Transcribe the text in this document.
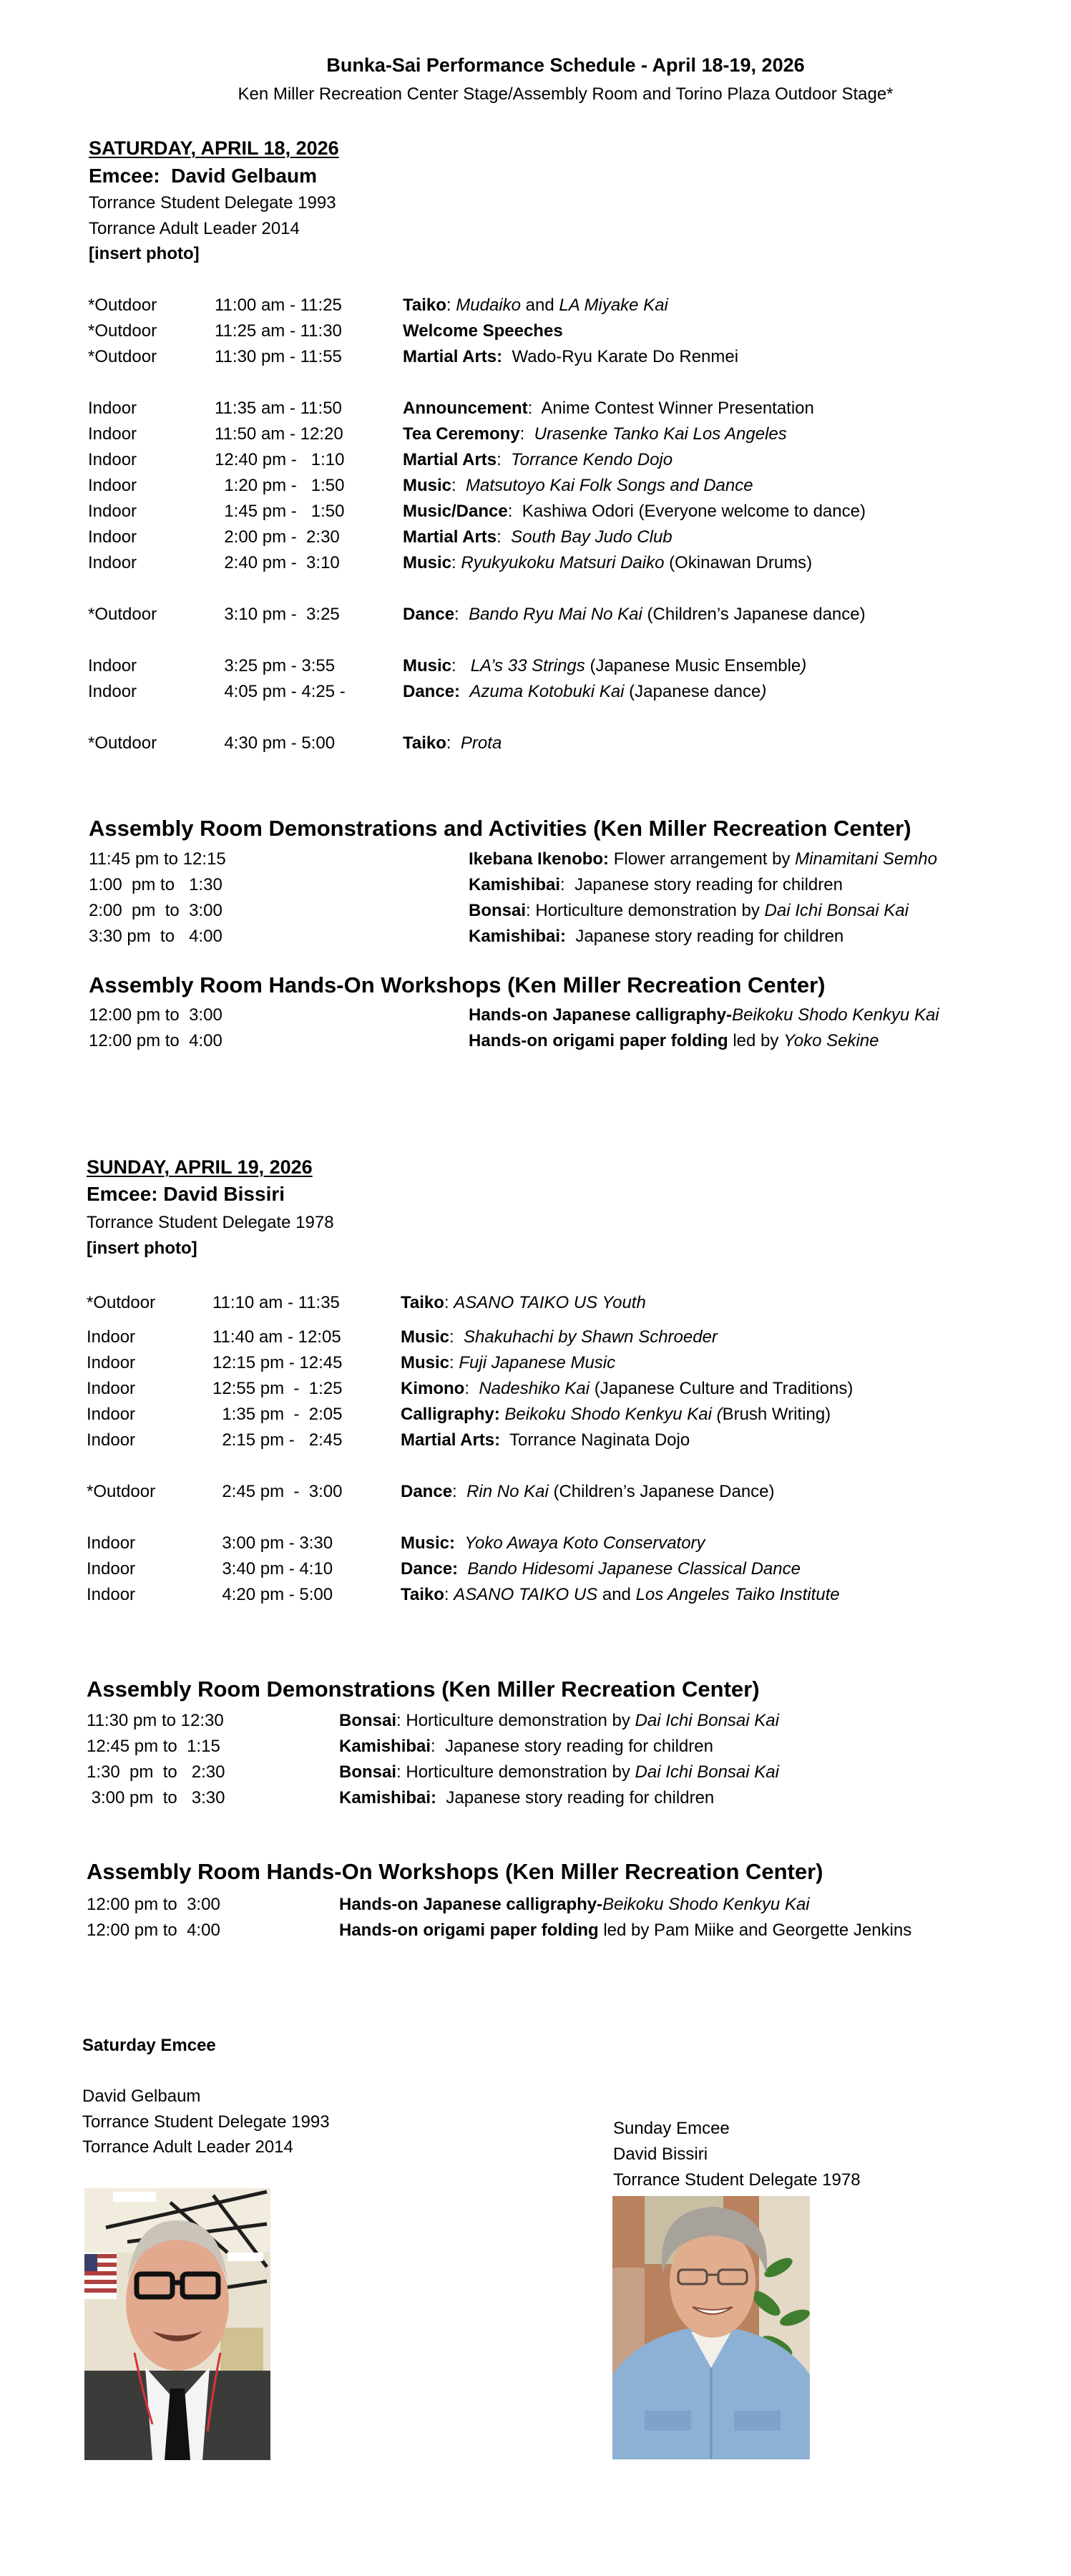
Bunka-Sai Performance Schedule - April 18-19, 2026
Ken Miller Recreation Center Stage/Assembly Room and Torino Plaza Outdoor Stage*
SATURDAY, APRIL 18, 2026
Emcee:  David Gelbaum
Torrance Student Delegate 1993
Torrance Adult Leader 2014
[insert photo]
*Outdoor	11:00 am - 11:25	Taiko: Mudaiko and LA Miyake Kai
*Outdoor	11:25 am - 11:30	Welcome Speeches
*Outdoor	11:30 pm - 11:55	Martial Arts: Wado-Ryu Karate Do Renmei
Indoor	11:35 am - 11:50	Announcement:  Anime Contest Winner Presentation
Indoor	11:50 am - 12:20	Tea Ceremony:  Urasenke Tanko Kai Los Angeles
Indoor	12:40 pm -   1:10	Martial Arts:  Torrance Kendo Dojo
Indoor	1:20 pm -   1:50	Music:  Matsutoyo Kai Folk Songs and Dance
Indoor	1:45 pm -   1:50	Music/Dance:  Kashiwa Odori (Everyone welcome to dance)
Indoor	2:00 pm -  2:30	Martial Arts:  South Bay Judo Club
Indoor	2:40 pm -  3:10	Music: Ryukyukoku Matsuri Daiko (Okinawan Drums)
*Outdoor	3:10 pm -  3:25	Dance:  Bando Ryu Mai No Kai (Children’s Japanese dance)
Indoor	3:25 pm - 3:55	Music:   LA’s 33 Strings (Japanese Music Ensemble)
Indoor	4:05 pm - 4:25 -	Dance: Azuma Kotobuki Kai (Japanese dance)
*Outdoor	4:30 pm - 5:00	Taiko:  Prota
Assembly Room Demonstrations and Activities (Ken Miller Recreation Center)
11:45 pm to 12:15	Ikebana Ikenobo: Flower arrangement by Minamitani Semho
1:00  pm to   1:30	Kamishibai:  Japanese story reading for children
2:00  pm  to  3:00	Bonsai: Horticulture demonstration by Dai Ichi Bonsai Kai
3:30 pm  to   4:00	Kamishibai: Japanese story reading for children
Assembly Room Hands-On Workshops (Ken Miller Recreation Center)
12:00 pm to  3:00	Hands-on Japanese calligraphy-Beikoku Shodo Kenkyu Kai
12:00 pm to  4:00	Hands-on origami paper folding led by Yoko Sekine
SUNDAY, APRIL 19, 2026
Emcee: David Bissiri
Torrance Student Delegate 1978
[insert photo]
*Outdoor	11:10 am - 11:35	Taiko: ASANO TAIKO US Youth
Indoor	11:40 am - 12:05	Music:  Shakuhachi by Shawn Schroeder
Indoor	12:15 pm - 12:45	Music: Fuji Japanese Music
Indoor	12:55 pm  -  1:25	Kimono:  Nadeshiko Kai (Japanese Culture and Traditions)
Indoor	1:35 pm  -  2:05	Calligraphy: Beikoku Shodo Kenkyu Kai (Brush Writing)
Indoor	2:15 pm -   2:45	Martial Arts: Torrance Naginata Dojo
*Outdoor	2:45 pm  -  3:00	Dance:  Rin No Kai (Children’s Japanese Dance)
Indoor	3:00 pm - 3:30	Music: Yoko Awaya Koto Conservatory
Indoor	3:40 pm - 4:10	Dance: Bando Hidesomi Japanese Classical Dance
Indoor	4:20 pm - 5:00	Taiko: ASANO TAIKO US and Los Angeles Taiko Institute
Assembly Room Demonstrations (Ken Miller Recreation Center)
11:30 pm to 12:30	Bonsai: Horticulture demonstration by Dai Ichi Bonsai Kai
12:45 pm to  1:15	Kamishibai:  Japanese story reading for children
1:30  pm  to   2:30	Bonsai: Horticulture demonstration by Dai Ichi Bonsai Kai
3:00 pm  to   3:30	Kamishibai: Japanese story reading for children
Assembly Room Hands-On Workshops (Ken Miller Recreation Center)
12:00 pm to  3:00	Hands-on Japanese calligraphy-Beikoku Shodo Kenkyu Kai
12:00 pm to  4:00	Hands-on origami paper folding led by Pam Miike and Georgette Jenkins
Saturday Emcee
David Gelbaum
Torrance Student Delegate 1993
Torrance Adult Leader 2014
Sunday Emcee
David Bissiri
Torrance Student Delegate 1978
